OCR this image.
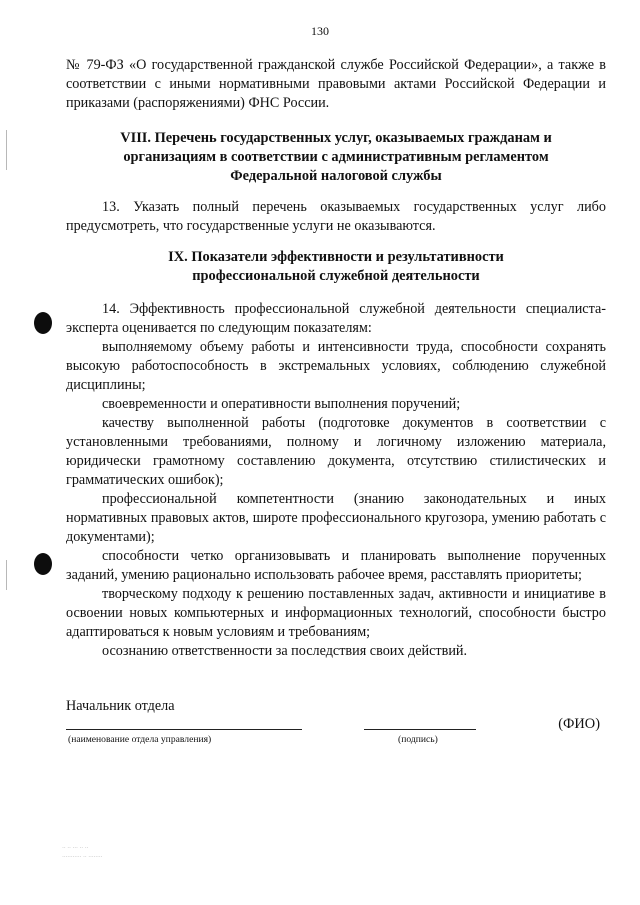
130
№ 79-ФЗ «О государственной гражданской службе Российской Федерации», а также в соответствии с иными нормативными правовыми актами Российской Федерации и приказами (распоряжениями) ФНС России.
VIII. Перечень государственных услуг, оказываемых гражданам и
организациям в соответствии с административным регламентом
Федеральной налоговой службы
13. Указать полный перечень оказываемых государственных услуг либо предусмотреть, что государственные услуги не оказываются.
IX. Показатели эффективности и результативности
профессиональной служебной деятельности

14. Эффективность профессиональной служебной деятельности специалиста-эксперта оценивается по следующим показателям:

выполняемому объему работы и интенсивности труда, способности сохранять высокую работоспособность в экстремальных условиях, соблюдению служебной дисциплины;

своевременности и оперативности выполнения поручений;

качеству выполненной работы (подготовке документов в соответствии с установленными требованиями, полному и логичному изложению материала, юридически грамотному составлению документа, отсутствию стилистических и грамматических ошибок);

профессиональной компетентности (знанию законодательных и иных нормативных правовых актов, широте профессионального кругозора, умению работать с документами);

способности четко организовывать и планировать выполнение порученных заданий, умению рационально использовать рабочее время, расставлять приоритеты;

творческому подходу к решению поставленных задач, активности и инициативе в освоении новых компьютерных и информационных технологий, способности быстро адаптироваться к новым условиям и требованиям;

осознанию ответственности за последствия своих действий.

Начальник отдела
(наименование отдела управления)	(подпись)
(ФИО)
·· ·· ··· ·· ··
··········· ·· ········
